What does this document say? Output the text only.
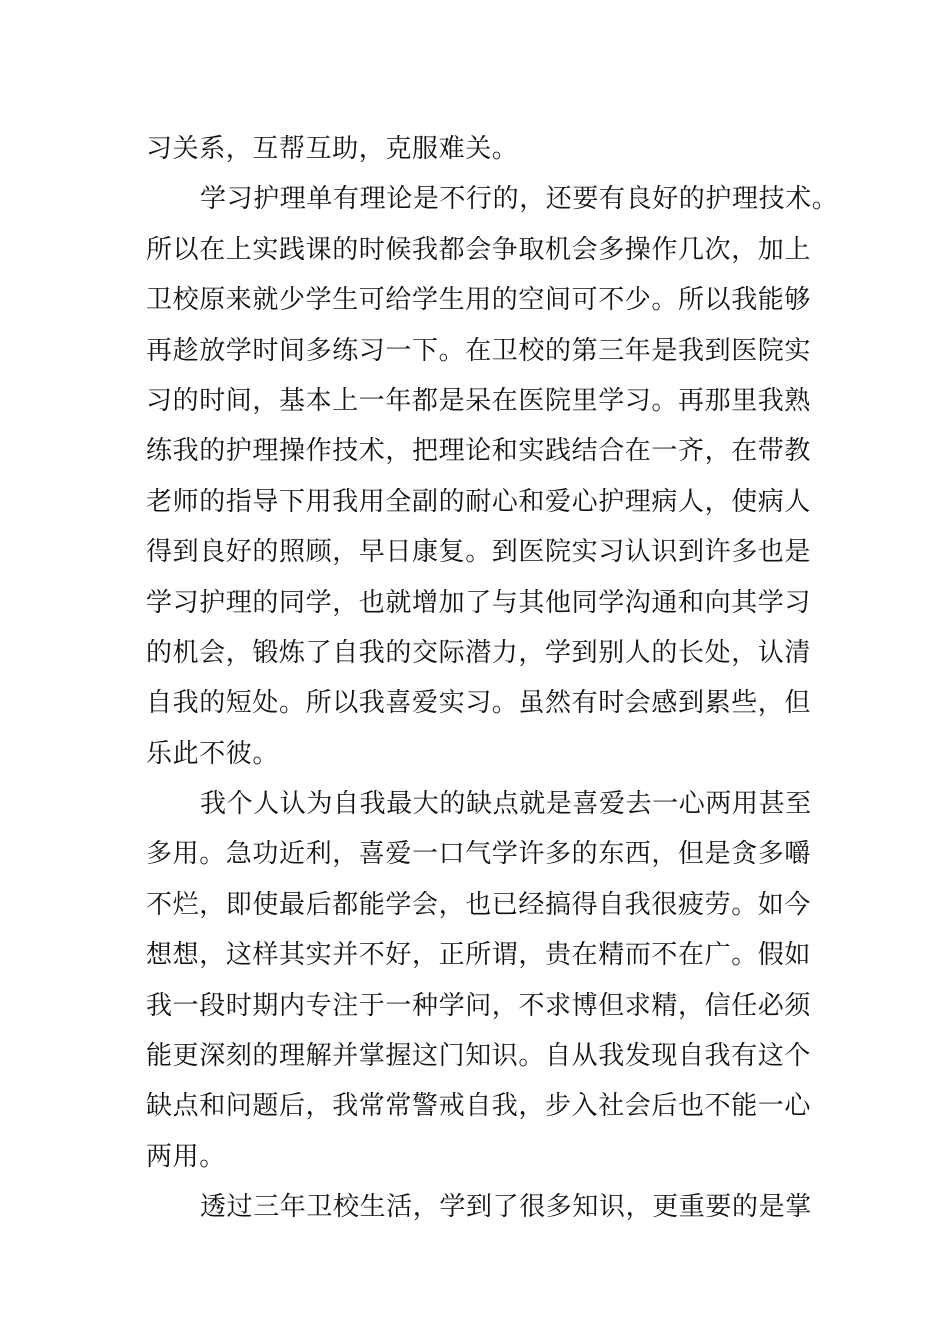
习关系，互帮互助，克服难关。
学习护理单有理论是不行的，还要有良好的护理技术。
所以在上实践课的时候我都会争取机会多操作几次，加上
卫校原来就少学生可给学生用的空间可不少。所以我能够
再趁放学时间多练习一下。在卫校的第三年是我到医院实
习的时间，基本上一年都是呆在医院里学习。再那里我熟
练我的护理操作技术，把理论和实践结合在一齐，在带教
老师的指导下用我用全副的耐心和爱心护理病人，使病人
得到良好的照顾，早日康复。到医院实习认识到许多也是
学习护理的同学，也就增加了与其他同学沟通和向其学习
的机会，锻炼了自我的交际潜力，学到别人的长处，认清
自我的短处。所以我喜爱实习。虽然有时会感到累些，但
乐此不彼。
我个人认为自我最大的缺点就是喜爱去一心两用甚至
多用。急功近利，喜爱一口气学许多的东西，但是贪多嚼
不烂，即使最后都能学会，也已经搞得自我很疲劳。如今
想想，这样其实并不好，正所谓，贵在精而不在广。假如
我一段时期内专注于一种学问，不求博但求精，信任必须
能更深刻的理解并掌握这门知识。自从我发现自我有这个
缺点和问题后，我常常警戒自我，步入社会后也不能一心
两用。
透过三年卫校生活，学到了很多知识，更重要的是掌
